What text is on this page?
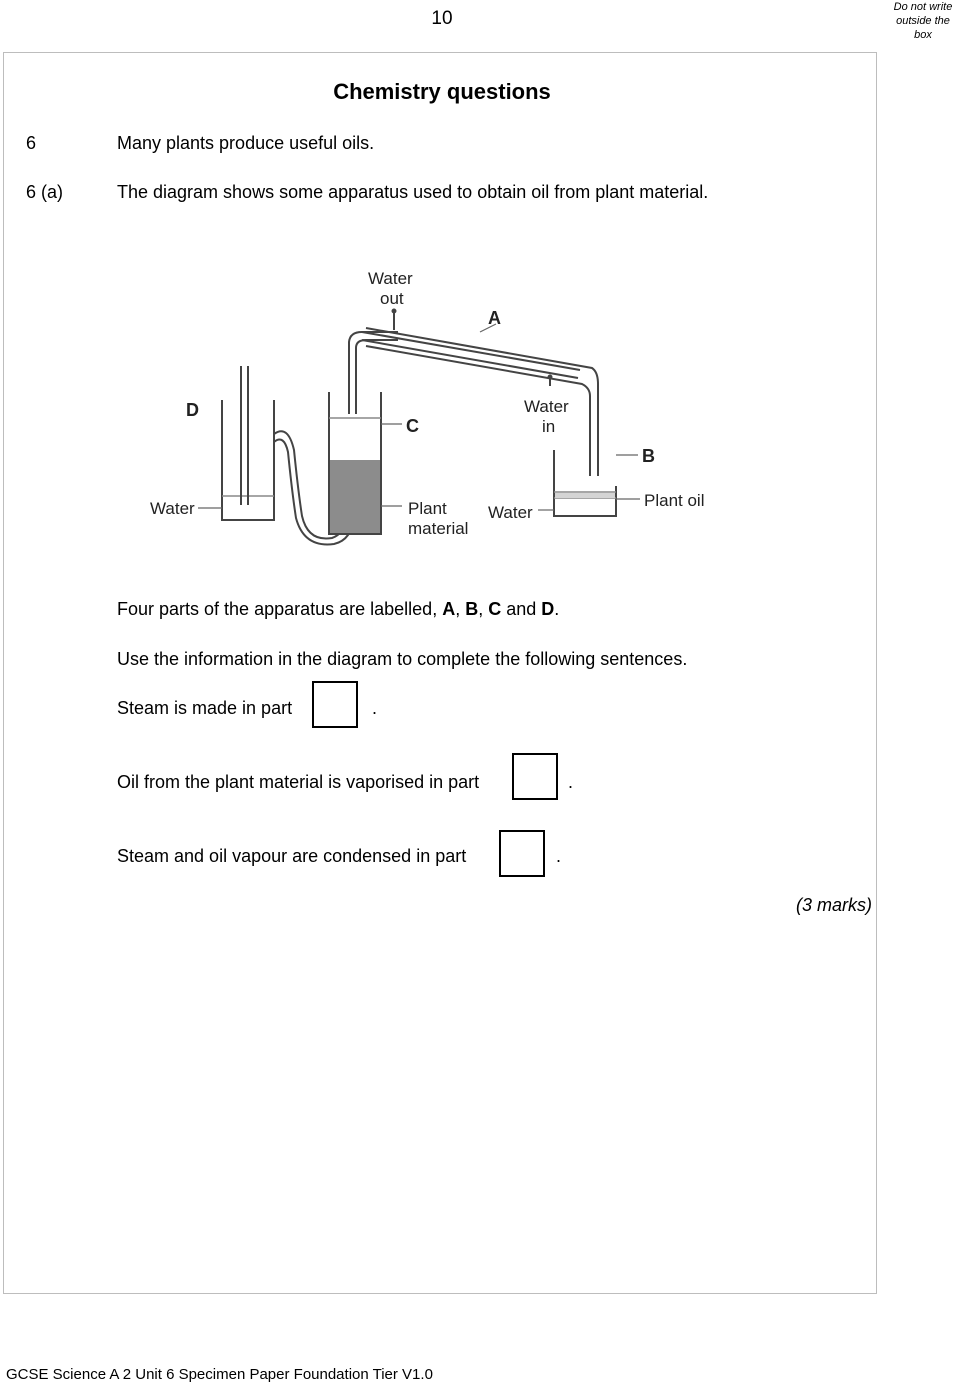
10
Do not write
outside the
box
Chemistry questions
6	Many plants produce useful oils.
6 (a)	The diagram shows some apparatus used to obtain oil from plant material.
Water
out
A
D
C
Water
in
B
Water	Plant
material
Water
Plant oil
Four parts of the apparatus are labelled, A, B, C and D.
Use the information in the diagram to complete the following sentences.
Steam is made in part	.
Oil from the plant material is vaporised in part	.
Steam and oil vapour are condensed in part	.
(3 marks)
GCSE Science A 2 Unit 6 Specimen Paper Foundation Tier V1.0
